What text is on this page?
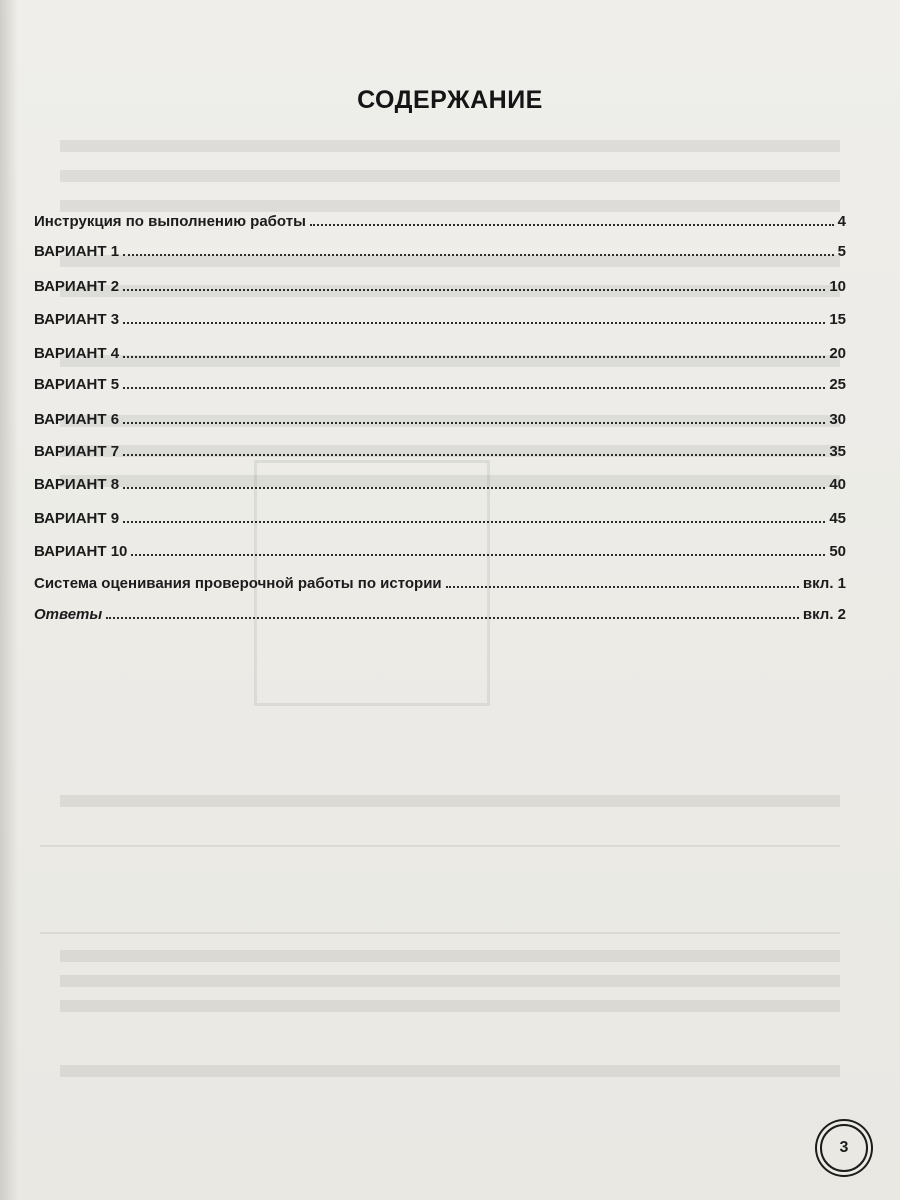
СОДЕРЖАНИЕ
Инструкция по выполнению работы	4
ВАРИАНТ 1	5
ВАРИАНТ 2	10
ВАРИАНТ 3	15
ВАРИАНТ 4	20
ВАРИАНТ 5	25
ВАРИАНТ 6	30
ВАРИАНТ 7	35
ВАРИАНТ 8	40
ВАРИАНТ 9	45
ВАРИАНТ 10	50
Система оценивания проверочной работы по истории	вкл. 1
Ответы	вкл. 2
3
